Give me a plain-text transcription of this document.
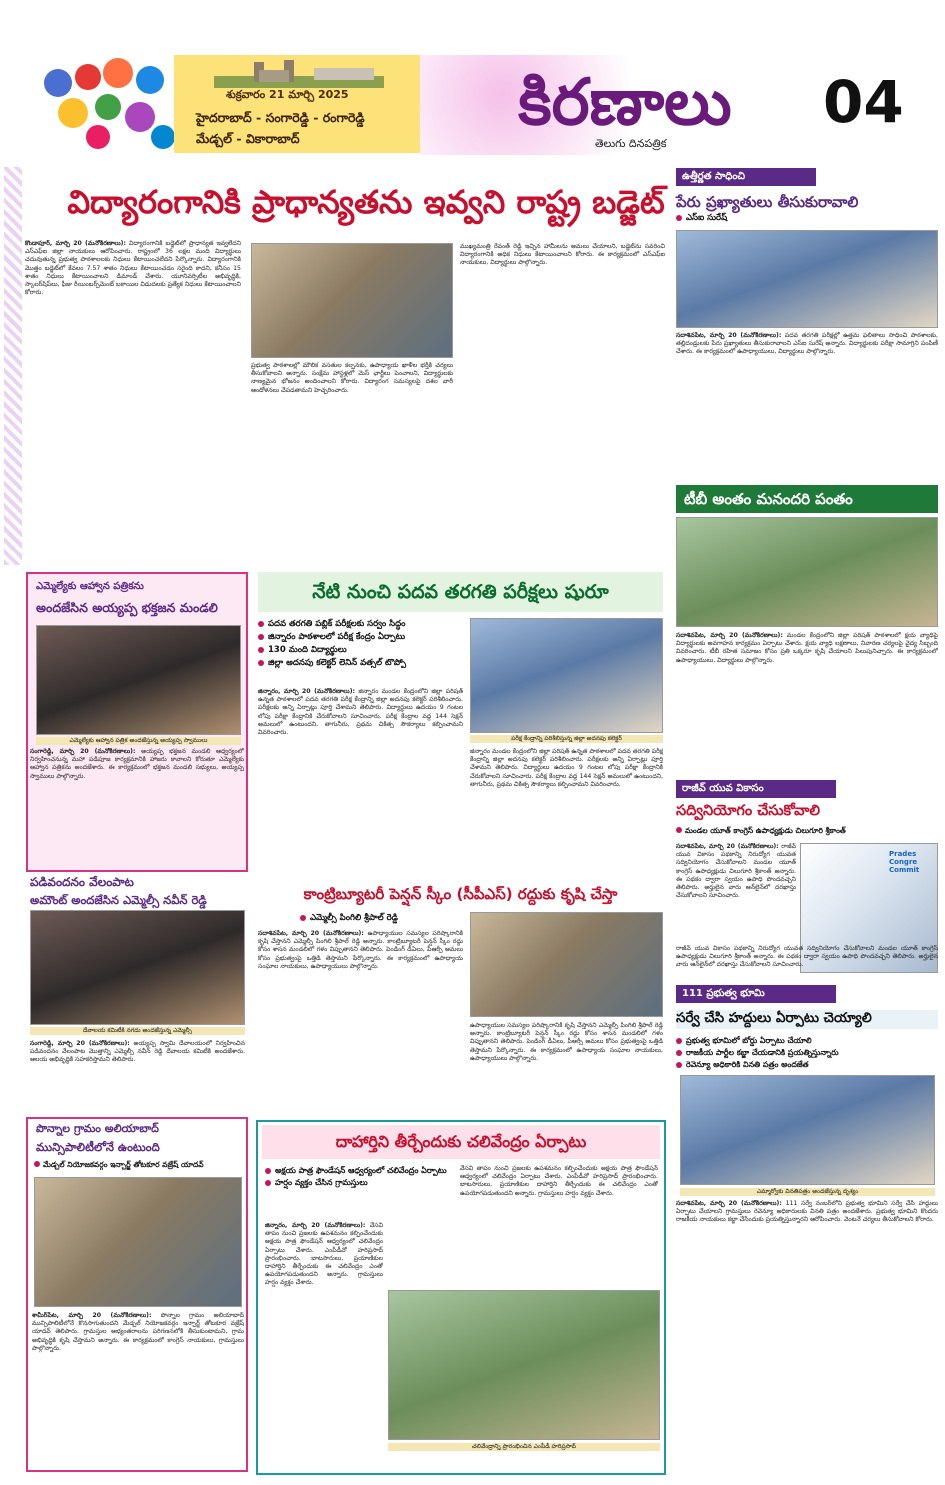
శుక్రవారం 21 మార్చి 2025
హైదరాబాద్ - సంగారెడ్డి - రంగారెడ్డి
మేడ్చల్ - వికారాబాద్	కిరణాలు
తెలుగు దినపత్రిక
04
విద్యారంగానికి ప్రాధాన్యతను ఇవ్వని రాష్ట్ర బడ్జెట్

కొండాపూర్, మార్చి 20 (మనోకిరణాలు): విద్యారంగానికి బడ్జెట్‌లో ప్రాధాన్యత ఇవ్వలేదని ఎస్ఎఫ్ఐ జిల్లా నాయకులు ఆరోపించారు. రాష్ట్రంలో 36 లక్షల మంది విద్యార్థులు చదువుతున్న ప్రభుత్వ పాఠశాలలకు నిధులు కేటాయించలేదని పేర్కొన్నారు. విద్యారంగానికి మొత్తం బడ్జెట్‌లో కేవలం 7.57 శాతం నిధులు కేటాయించడం సరైంది కాదని, కనీసం 15 శాతం నిధులు కేటాయించాలని డిమాండ్ చేశారు. యూనివర్సిటీల అభివృద్ధికి, స్కాలర్‌షిప్‌లు, ఫీజు రీయింబర్స్‌మెంట్ బకాయిల విడుదలకు ప్రత్యేక నిధులు కేటాయించాలని కోరారు.

ప్రభుత్వ పాఠశాలల్లో మౌలిక వసతుల కల్పనకు, ఉపాధ్యాయ ఖాళీల భర్తీకి చర్యలు తీసుకోవాలని అన్నారు. సంక్షేమ హాస్టళ్లలో మెస్ ఛార్జీలు పెంచాలని, విద్యార్థులకు నాణ్యమైన భోజనం అందించాలని కోరారు. విద్యారంగ సమస్యలపై దశల వారీ ఆందోళనలు చేపడతామని హెచ్చరించారు.

ముఖ్యమంత్రి రేవంత్ రెడ్డి ఇచ్చిన హామీలను అమలు చేయాలని, బడ్జెట్‌ను సవరించి విద్యారంగానికి అధిక నిధులు కేటాయించాలని కోరారు. ఈ కార్యక్రమంలో ఎస్ఎఫ్ఐ నాయకులు, విద్యార్థులు పాల్గొన్నారు.

ఉత్తీర్ణత సాధించి
పేరు ప్రఖ్యాతులు తీసుకురావాలి
ఎస్ఐ సురేష్

సదాశివపేట, మార్చి 20 (మనోకిరణాలు): పదవ తరగతి పరీక్షల్లో ఉత్తమ ఫలితాలు సాధించి పాఠశాలకు, తల్లిదండ్రులకు పేరు ప్రఖ్యాతులు తీసుకురావాలని ఎస్ఐ సురేష్ అన్నారు. విద్యార్థులకు పరీక్షా సామాగ్రిని పంపిణీ చేశారు. ఈ కార్యక్రమంలో ఉపాధ్యాయులు, విద్యార్థులు పాల్గొన్నారు.

టీబీ అంతం మనందరి పంతం

సదాశివపేట, మార్చి 20 (మనోకిరణాలు): మండల కేంద్రంలోని జిల్లా పరిషత్ పాఠశాలలో క్షయ వ్యాధిపై విద్యార్థులకు అవగాహన కార్యక్రమం ఏర్పాటు చేశారు. క్షయ వ్యాధి లక్షణాలు, నివారణ చర్యలపై వైద్య సిబ్బంది వివరించారు. టీబీ రహిత సమాజం కోసం ప్రతి ఒక్కరూ కృషి చేయాలని పిలుపునిచ్చారు. ఈ కార్యక్రమంలో ఉపాధ్యాయులు, విద్యార్థులు పాల్గొన్నారు.

ఎమ్మెల్యేకు ఆహ్వాన పత్రికను
అందజేసిన అయ్యప్ప భక్తజన మండలి
ఎమ్మెల్యేకు ఆహ్వాన పత్రిక అందజేస్తున్న అయ్యప్ప స్వాములు

సంగారెడ్డి, మార్చి 20 (మనోకిరణాలు): అయ్యప్ప భక్తజన మండలి ఆధ్వర్యంలో నిర్వహించనున్న మహా పడిపూజ కార్యక్రమానికి హాజరు కావాలని కోరుతూ ఎమ్మెల్యేకు ఆహ్వాన పత్రికను అందజేశారు. ఈ కార్యక్రమంలో భక్తజన మండలి సభ్యులు, అయ్యప్ప స్వాములు పాల్గొన్నారు.

పడివందనం వేలంపాట
అమౌంట్ అందజేసిన ఎమ్మెల్సీ నవీన్ రెడ్డి
దేవాలయ కమిటీకి నగదు అందజేస్తున్న ఎమ్మెల్సీ

సంగారెడ్డి, మార్చి 20 (మనోకిరణాలు): అయ్యప్ప స్వామి దేవాలయంలో నిర్వహించిన పడివందనం వేలంపాట మొత్తాన్ని ఎమ్మెల్సీ నవీన్ రెడ్డి దేవాలయ కమిటీకి అందజేశారు. ఆలయ అభివృద్ధికి సహకరిస్తామని తెలిపారు.

పొన్నాల గ్రామం అలియాబాద్
మున్సిపాలిటీలోనే ఉంటుంది
మేడ్చల్ నియోజకవర్గం ఇన్చార్జ్ తోటకూర వజ్రేష్ యాదవ్

శామీర్‌పేట, మార్చి 20 (మనోకిరణాలు): పొన్నాల గ్రామం అలియాబాద్ మున్సిపాలిటీలోనే కొనసాగుతుందని మేడ్చల్ నియోజకవర్గం ఇన్చార్జ్ తోటకూర వజ్రేష్ యాదవ్ తెలిపారు. గ్రామస్తుల అభ్యంతరాలను పరిగణనలోకి తీసుకుంటామని, గ్రామ అభివృద్ధికి కృషి చేస్తామని అన్నారు. ఈ కార్యక్రమంలో కాంగ్రెస్ నాయకులు, గ్రామస్తులు పాల్గొన్నారు.

నేటి నుంచి పదవ తరగతి పరీక్షలు షురూ
పదవ తరగతి పబ్లిక్ పరీక్షలకు సర్వం సిద్ధం
జిన్నారం పాఠశాలలో పరీక్ష కేంద్రం ఏర్పాటు
130 మంది విద్యార్థులు
జిల్లా అదనపు కలెక్టర్ లెనిన్ వత్సల్ టొప్పో
పరీక్ష కేంద్రాన్ని పరిశీలిస్తున్న జిల్లా అదనపు కలెక్టర్

జిన్నారం, మార్చి 20 (మనోకిరణాలు): జిన్నారం మండల కేంద్రంలోని జిల్లా పరిషత్ ఉన్నత పాఠశాలలో పదవ తరగతి పరీక్ష కేంద్రాన్ని జిల్లా అదనపు కలెక్టర్ పరిశీలించారు. పరీక్షలకు అన్ని ఏర్పాట్లు పూర్తి చేశామని తెలిపారు. విద్యార్థులు ఉదయం 9 గంటల లోపు పరీక్షా కేంద్రానికి చేరుకోవాలని సూచించారు. పరీక్ష కేంద్రాల వద్ద 144 సెక్షన్ అమలులో ఉంటుందని, తాగునీరు, ప్రథమ చికిత్స సౌకర్యాలు కల్పించామని వివరించారు.

జిన్నారం మండల కేంద్రంలోని జిల్లా పరిషత్ ఉన్నత పాఠశాలలో పదవ తరగతి పరీక్ష కేంద్రాన్ని జిల్లా అదనపు కలెక్టర్ పరిశీలించారు. పరీక్షలకు అన్ని ఏర్పాట్లు పూర్తి చేశామని తెలిపారు. విద్యార్థులు ఉదయం 9 గంటల లోపు పరీక్షా కేంద్రానికి చేరుకోవాలని సూచించారు. పరీక్ష కేంద్రాల వద్ద 144 సెక్షన్ అమలులో ఉంటుందని, తాగునీరు, ప్రథమ చికిత్స సౌకర్యాలు కల్పించామని వివరించారు.

కాంట్రిబ్యూటరీ పెన్షన్ స్కీం (సీపీఎస్) రద్దుకు కృషి చేస్తా
ఎమ్మెల్సీ పింగిలి శ్రీపాల్ రెడ్డి

సదాశివపేట, మార్చి 20 (మనోకిరణాలు): ఉపాధ్యాయుల సమస్యల పరిష్కారానికి కృషి చేస్తానని ఎమ్మెల్సీ పింగిలి శ్రీపాల్ రెడ్డి అన్నారు. కాంట్రిబ్యూటరీ పెన్షన్ స్కీం రద్దు కోసం శాసన మండలిలో గళం విప్పుతానని తెలిపారు. పెండింగ్ డీఏలు, పీఆర్సీ అమలు కోసం ప్రభుత్వంపై ఒత్తిడి తెస్తామని పేర్కొన్నారు. ఈ కార్యక్రమంలో ఉపాధ్యాయ సంఘాల నాయకులు, ఉపాధ్యాయులు పాల్గొన్నారు.

ఉపాధ్యాయుల సమస్యల పరిష్కారానికి కృషి చేస్తానని ఎమ్మెల్సీ పింగిలి శ్రీపాల్ రెడ్డి అన్నారు. కాంట్రిబ్యూటరీ పెన్షన్ స్కీం రద్దు కోసం శాసన మండలిలో గళం విప్పుతానని తెలిపారు. పెండింగ్ డీఏలు, పీఆర్సీ అమలు కోసం ప్రభుత్వంపై ఒత్తిడి తెస్తామని పేర్కొన్నారు. ఈ కార్యక్రమంలో ఉపాధ్యాయ సంఘాల నాయకులు, ఉపాధ్యాయులు పాల్గొన్నారు.

దాహార్తిని తీర్చేందుకు చలివేంద్రం ఏర్పాటు
అక్షయ పాత్ర ఫౌండేషన్ ఆధ్వర్యంలో చలివేంద్రం ఏర్పాటు
హర్షం వ్యక్తం చేసిన గ్రామస్తులు

జిన్నారం, మార్చి 20 (మనోకిరణాలు): వేసవి తాపం నుంచి ప్రజలకు ఉపశమనం కల్పించేందుకు అక్షయ పాత్ర ఫౌండేషన్ ఆధ్వర్యంలో చలివేంద్రం ఏర్పాటు చేశారు. ఎంపీడీవో హరిప్రసాద్ ప్రారంభించారు. బాటసారులు, ప్రయాణికుల దాహార్తిని తీర్చేందుకు ఈ చలివేంద్రం ఎంతో ఉపయోగపడుతుందని అన్నారు. గ్రామస్తులు హర్షం వ్యక్తం చేశారు.

వేసవి తాపం నుంచి ప్రజలకు ఉపశమనం కల్పించేందుకు అక్షయ పాత్ర ఫౌండేషన్ ఆధ్వర్యంలో చలివేంద్రం ఏర్పాటు చేశారు. ఎంపీడీవో హరిప్రసాద్ ప్రారంభించారు. బాటసారులు, ప్రయాణికుల దాహార్తిని తీర్చేందుకు ఈ చలివేంద్రం ఎంతో ఉపయోగపడుతుందని అన్నారు. గ్రామస్తులు హర్షం వ్యక్తం చేశారు.

చలివేంద్రాన్ని ప్రారంభించిన ఎంపీడీ హరిప్రసాద్
రాజీవ్ యువ వికాసం
సద్వినియోగం చేసుకోవాలి
మండల యూత్ కాంగ్రెస్ ఉపాధ్యక్షుడు చిలుగూరి శ్రీకాంత్

సదాశివపేట, మార్చి 20 (మనోకిరణాలు): రాజీవ్ యువ వికాసం పథకాన్ని నిరుద్యోగ యువత సద్వినియోగం చేసుకోవాలని మండల యూత్ కాంగ్రెస్ ఉపాధ్యక్షుడు చిలుగూరి శ్రీకాంత్ అన్నారు. ఈ పథకం ద్వారా స్వయం ఉపాధి పొందవచ్చని తెలిపారు. అర్హులైన వారు ఆన్‌లైన్‌లో దరఖాస్తు చేసుకోవాలని సూచించారు.

Prades Congre Commit

రాజీవ్ యువ వికాసం పథకాన్ని నిరుద్యోగ యువత సద్వినియోగం చేసుకోవాలని మండల యూత్ కాంగ్రెస్ ఉపాధ్యక్షుడు చిలుగూరి శ్రీకాంత్ అన్నారు. ఈ పథకం ద్వారా స్వయం ఉపాధి పొందవచ్చని తెలిపారు. అర్హులైన వారు ఆన్‌లైన్‌లో దరఖాస్తు చేసుకోవాలని సూచించారు.

111 ప్రభుత్వ భూమి
సర్వే చేసి హద్దులు ఏర్పాటు చెయ్యాలి
ప్రభుత్వ భూమిలో బోర్డు ఏర్పాటు చేయాలి
రాజకీయ పార్టీల కబ్జా చేయడానికి ప్రయత్నిస్తున్నారు
రెవెన్యూ అధికారికి వినతి పత్రం అందజేత
ఎమ్మార్వోకు వినతిపత్రం అందజేస్తున్న దృశ్యం

సదాశివపేట, మార్చి 20 (మనోకిరణాలు): 111 సర్వే నంబర్‌లోని ప్రభుత్వ భూమిని సర్వే చేసి హద్దులు ఏర్పాటు చేయాలని గ్రామస్తులు రెవెన్యూ అధికారులకు వినతి పత్రం అందజేశారు. ప్రభుత్వ భూమిని కొందరు రాజకీయ నాయకులు కబ్జా చేసేందుకు ప్రయత్నిస్తున్నారని ఆరోపించారు. వెంటనే చర్యలు తీసుకోవాలని కోరారు.
